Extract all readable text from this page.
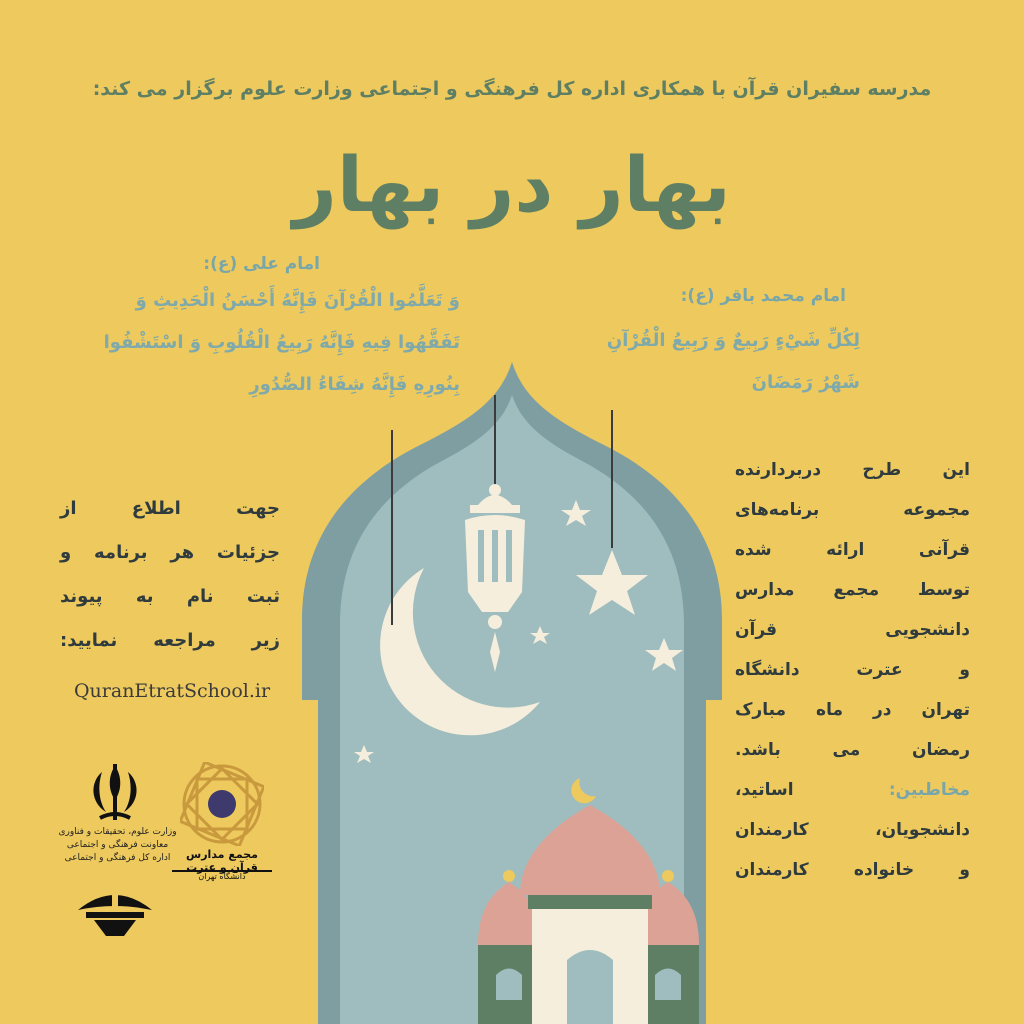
مدرسه سفیران قرآن با همکاری اداره کل فرهنگی و اجتماعی وزارت علوم برگزار می کند:
بهار در بهار
امام علی (ع):
وَ تَعَلَّمُوا الْقُرْآنَ فَإِنَّهُ أَحْسَنُ الْحَدِيثِ وَ
تَفَقَّهُوا فِيهِ فَإِنَّهُ رَبِيعُ الْقُلُوبِ وَ اسْتَشْفُوا
بِنُورِهِ فَإِنَّهُ شِفَاءُ الصُّدُورِ
امام محمد باقر (ع):
لِكُلِّ شَيْءٍ رَبِيعٌ وَ رَبِيعُ الْقُرْآنِ شَهْرُ رَمَضَانَ
جهت اطلاع از
جزئیات هر برنامه و
ثبت نام به پیوند
زیر مراجعه نمایید:
QuranEtratSchool.ir
این طرح دربردارنده
مجموعه برنامه‌های
قرآنی ارائه شده
توسط مجمع مدارس
دانشجویی قرآن
و عترت دانشگاه
تهران در ماه مبارک
رمضان می باشد.
مخاطبین: اساتید،
دانشجویان، کارمندان
و خانواده کارمندان
وزارت علوم، تحقیقات و فناوری
معاونت فرهنگی و اجتماعی
اداره کل فرهنگی و اجتماعی	مجمع مدارس قرآن و عترت
دانشگاه تهران
